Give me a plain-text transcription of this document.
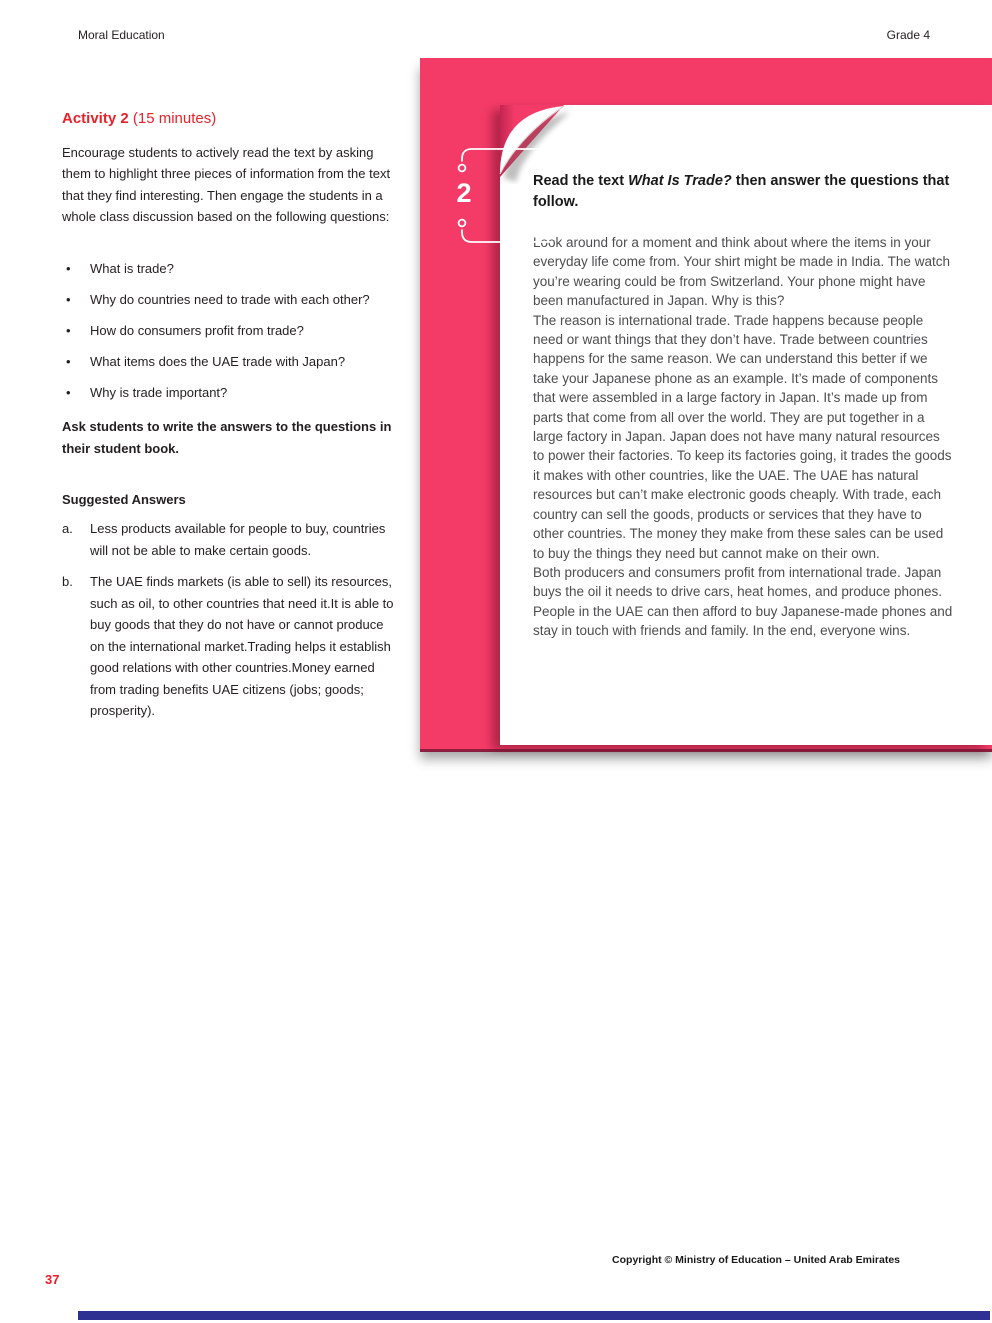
Moral Education	Grade 4
Activity 2 (15 minutes)

Encourage students to actively read the text by asking them to highlight three pieces of information from the text that they find interesting. Then engage the students in a whole class discussion based on the following questions:

•	What is trade?
•	Why do countries need to trade with each other?
•	How do consumers profit from trade?
•	What items does the UAE trade with Japan?
•	Why is trade important?

Ask students to write the answers to the questions in their student book.

Suggested Answers
a.	Less products available for people to buy, countries will not be able to make certain goods.
b.	The UAE finds markets (is able to sell) its resources, such as oil, to other countries that need it.It is able to buy goods that they do not have or cannot produce on the international market.Trading helps it establish good relations with other countries.Money earned from trading benefits UAE citizens (jobs; goods; prosperity).
2	Read the text What Is Trade? then answer the questions that follow.

Look around for a moment and think about where the items in your everyday life come from. Your shirt might be made in India. The watch you’re wearing could be from Switzerland. Your phone might have been manufactured in Japan. Why is this?

The reason is international trade. Trade happens because people need or want things that they don’t have. Trade between countries happens for the same reason. We can understand this better if we take your Japanese phone as an example. It’s made of components that were assembled in a large factory in Japan. It’s made up from parts that come from all over the world. They are put together in a large factory in Japan. Japan does not have many natural resources to power their factories. To keep its factories going, it trades the goods it makes with other countries, like the UAE. The UAE has natural resources but can’t make electronic goods cheaply. With trade, each country can sell the goods, products or services that they have to other countries. The money they make from these sales can be used to buy the things they need but cannot make on their own.

Both producers and consumers profit from international trade. Japan buys the oil it needs to drive cars, heat homes, and produce phones. People in the UAE can then afford to buy Japanese-made phones and stay in touch with friends and family. In the end, everyone wins.

Copyright © Ministry of Education – United Arab Emirates
37
